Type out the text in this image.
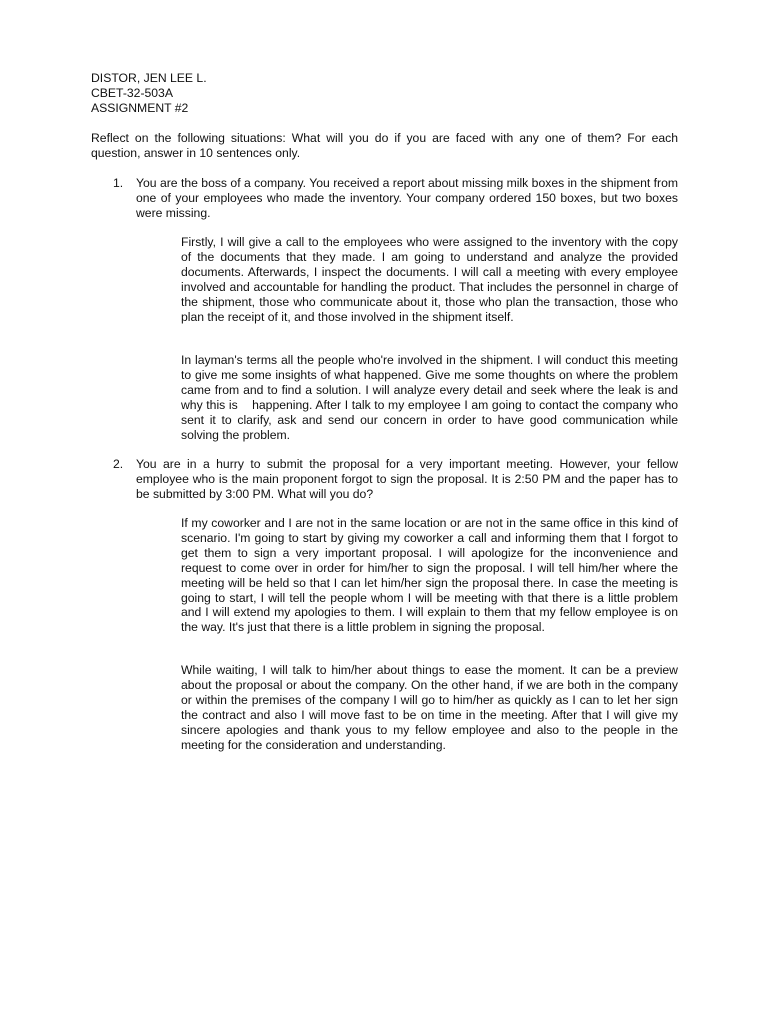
DISTOR, JEN LEE L.
CBET-32-503A
ASSIGNMENT #2
Reflect on the following situations: What will you do if you are faced with any one of them? For each question, answer in 10 sentences only.
1.	You are the boss of a company. You received a report about missing milk boxes in the shipment from one of your employees who made the inventory. Your company ordered 150 boxes, but two boxes were missing.
Firstly, I will give a call to the employees who were assigned to the inventory with the copy of the documents that they made. I am going to understand and analyze the provided documents. Afterwards, I inspect the documents. I will call a meeting with every employee involved and accountable for handling the product. That includes the personnel in charge of the shipment, those who communicate about it, those who plan the transaction, those who plan the receipt of it, and those involved in the shipment itself.
In layman's terms all the people who're involved in the shipment. I will conduct this meeting to give me some insights of what happened. Give me some thoughts on where the problem came from and to find a solution. I will analyze every detail and seek where the leak is and why this is    happening. After I talk to my employee I am going to contact the company who sent it to clarify, ask and send our concern in order to have good communication while solving the problem.
2.	You are in a hurry to submit the proposal for a very important meeting. However, your fellow employee who is the main proponent forgot to sign the proposal. It is 2:50 PM and the paper has to be submitted by 3:00 PM. What will you do?
If my coworker and I are not in the same location or are not in the same office in this kind of scenario. I'm going to start by giving my coworker a call and informing them that I forgot to get them to sign a very important proposal. I will apologize for the inconvenience and request to come over in order for him/her to sign the proposal. I will tell him/her where the meeting will be held so that I can let him/her sign the proposal there. In case the meeting is going to start, I will tell the people whom I will be meeting with that there is a little problem and I will extend my apologies to them. I will explain to them that my fellow employee is on the way. It's just that there is a little problem in signing the proposal.
While waiting, I will talk to him/her about things to ease the moment. It can be a preview about the proposal or about the company. On the other hand, if we are both in the company or within the premises of the company I will go to him/her as quickly as I can to let her sign the contract and also I will move fast to be on time in the meeting. After that I will give my sincere apologies and thank yous to my fellow employee and also to the people in the meeting for the consideration and understanding.
